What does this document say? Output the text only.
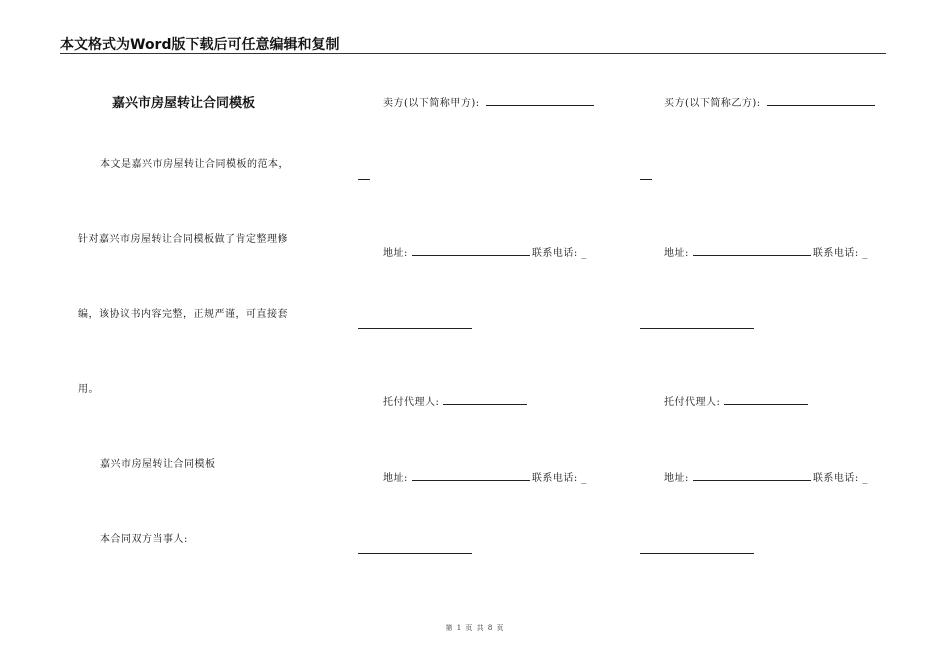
本文格式为Word版下载后可任意编辑和复制
嘉兴市房屋转让合同模板
本文是嘉兴市房屋转让合同模板的范本，
针对嘉兴市房屋转让合同模板做了肯定整理修
编，该协议书内容完整，正规严谨，可直接套
用。
嘉兴市房屋转让合同模板
本合同双方当事人:
卖方(以下简称甲方):
地址:	联系电话: _
托付代理人:
地址:	联系电话: _
买方(以下简称乙方):
地址:	联系电话: _
托付代理人:
地址:	联系电话: _
第 1 页 共 8 页
